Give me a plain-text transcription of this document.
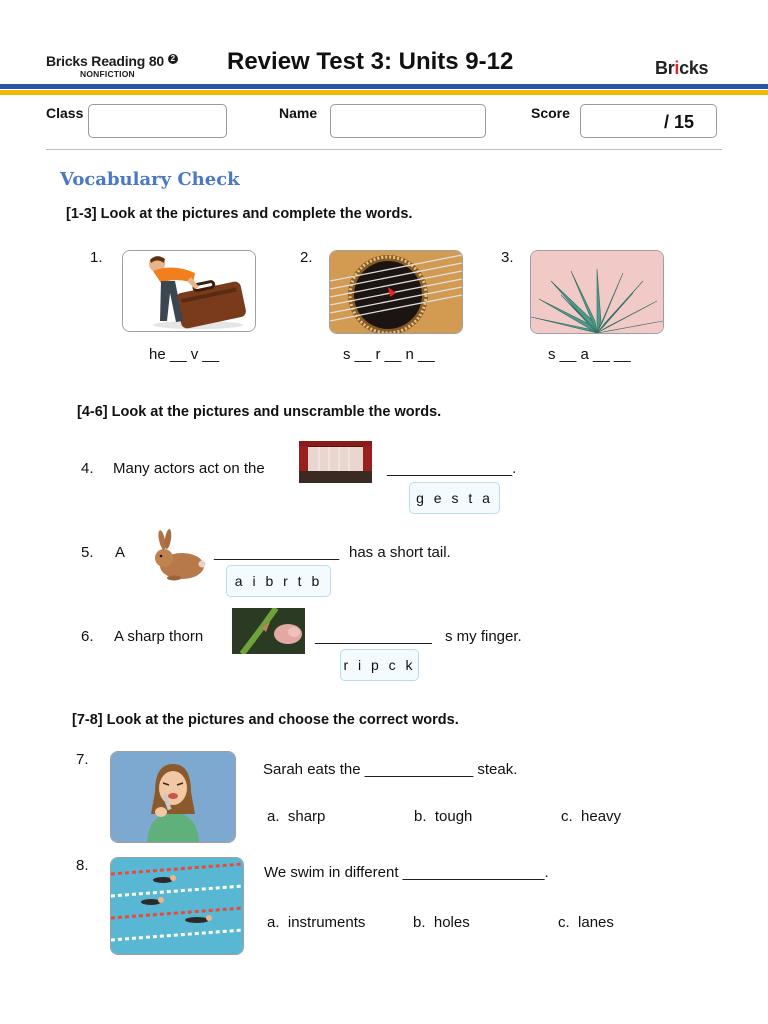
Bricks Reading 80 2
NONFICTION	Review Test 3: Units 9-12	Bricks
Class	Name	Score	/ 15
Vocabulary Check
[1-3] Look at the pictures and complete the words.
1.
he __ v __
2.
s __ r __ n __
3.
s __ a __ __
[4-6] Look at the pictures and unscramble the words.
4. Many actors act on the	_______________.
g e s t a
5. A	_______________ has a short tail.
a i b r t b
6. A sharp thorn	______________ s my finger.
r i p c k
[7-8] Look at the pictures and choose the correct words.
7.
Sarah eats the _____________ steak.
a. sharp	b. tough	c. heavy
8.	We swim in different _________________.
a. instruments	b. holes	c. lanes
